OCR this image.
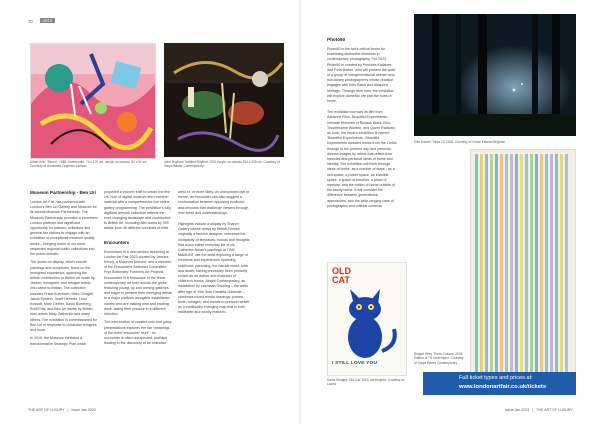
70	ARTS
Albert Irvin, 'Bloom', 1988; Screenprint, 74 x 102 cm, acrylic on canvas, 81 x 61 cm. Courtesy of Advanced Graphics London
John Hoyland 'Untitled Rhythm' 1976 Acrylic on canvas 254 x 228 cm. Courtesy of Tanya Baxter Contemporary
Museum Partnership - Ben Uri

London Art Fair has partnered with London's Ben Uri Gallery and Museum for its annual Museum Partnership. The Museum Partnership provides a prominent London platform and significant opportunity for patrons, collectors and general fair visitors to engage with an exhibition of exceptional museum quality works – bringing some of our most respected regional public collections into the public domain.

The works on display, which include paintings and sculptures, focus on the immigrant experience, spanning the artists' contribution to British art made by Jewish, immigrant, and refugee artists who came to Britain. The collection includes Frank Auerbach, Marc Chagall, Jacob Epstein, Josef Herman, Leon Kossoff, Mark Gertler, David Bomberg, Rudi Fritz, and Ben Uri works by British born artists Mary Gatherick and many others. The exhibition is commissioned for Ben Uri in response to Ukrainian refugees and more.

In 2019, the Museum exhibited a transformative Strategic Plan which

propelled a pioneer shift to create the first UK 'hub' of digital museum and research material with a comprehensive live online gallery programming. The exhibition's fully digitized artwork collection reflects the ever-changing landscape and contribution to British Art, including 880 works by 390 artists from 48 different countries of birth.

Encounters

Encounters is a new section launching at London Art Fair 2023 curated by Jessica Kenny, a Museum Director, and a member of the Encounters Selection Committee. Fryn Bottomley, Formerly Art Projects, Encounters is a showcase of the finest contemporary art from across the globe featuring young, up and coming galleries and eager to present their emerging artists to a major platform alongside established names who are making new and exciting work, taking their practice in a different direction.

The new section of curated solo and group presentations explores the fair 'meanings of the word 'encounter' itself - an encounter is often unexpected, perhaps leading to the discovery of an unknown

artist or, or more likely, an unexpected dye or theme, an encounter can also suggest a confrontation between opposing positions and artworks that challenge viewers through new ideas and understandings.

Highlights include a display by Sharon Gallery whose works by British-Finnish originally a fashion designer, reference the multiplicity of fireplaces, moods and thoughts that occur inside everyday life of us; Catherine Nolan's paintings at TINY MAMUNT use the artist exploring a range of emotions and experiences spanning childhood, parenting, the natural world, birth and death, having previously been primarily known as an author and illustrator of children's books. Alright Contemporary, an installation by Lazmaan Gautling – the artist after age of Yohi Suei Danielta Gibsonie – combines mixed media drawings, poems, texts, collages, and murals to present herself as a continually changing map that is both malleable and wholly featured.

THE ART OF LUXURY | Issue Jan 2023
Photo50

Photo50 is the fair's critical forum for examining distinctive elements in contemporary photography. For 2023, Photo50 is curated by Princess Kailabee and Fizla Barton, who will present the work of a group of intergenerational women and non-binary photographers whose practice engages with their Black and diaspora heritage. Through their lens, the exhibition will explore domestic life and the roles of home.

The exhibition borrows its title from Adrienne Rich, Beautiful Experiments: Intimate Histories of Riotous Black Girls, Troublesome Women, and Queer Radicals, as such, the book's exhibition is named 'Beautiful Experiments'. Beautiful Experiments includes works from the 1940s through to the present day and presents diverse images by artists that reflect their histories and personal ideas of home and identity. The exhibition will think through ideas of home, as a number of ways - as a self-space, a power space, an invisible space, a space of emotion, a place of memory, and the notion of home outside of the family home. It will consider the difference between generational approaches, and the wide-ranging uses of photographic and cultural contexts.

Ellie Davies 'Trees 10' 2018. Courtesy of Crane Kalman Brighton
OLD CAT
I STILL LOVE YOU
David Shrigley 'Old Cat' 2013, screenprint. Courtesy of Lazinc
Bridget Riley 'Three Colours' 2009 Edition of 75 Screenprint. Courtesy of Tanya Baxter Contemporary
Full ticket types and prices at:
www.londonartfair.co.uk/tickets
Issue Jan 2023 | THE ART OF LUXURY
